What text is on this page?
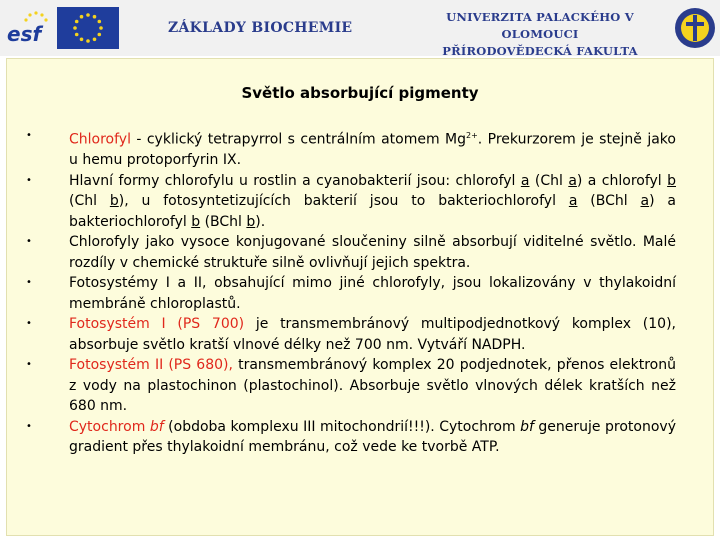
esf	ZÁKLADY BIOCHEMIE
UNIVERZITA PALACKÉHO V OLOMOUCI
PŘÍRODOVĚDECKÁ FAKULTA
Světlo absorbující pigmenty
•	Chlorofyl - cyklický tetrapyrrol s centrálním atomem $Mg^{2+}$. Prekurzorem je stejně jako u hemu protoporfyrin IX.
•	Hlavní formy chlorofylu u rostlin a cyanobakterií jsou: chlorofyl a (Chl a) a chlorofyl b (Chl b), u fotosyntetizujících bakterií jsou to bakteriochlorofyl a (BChl a) a bakteriochlorofyl b (BChl b).
•	Chlorofyly jako vysoce konjugované sloučeniny silně absorbují viditelné světlo. Malé rozdíly v chemické struktuře silně ovlivňují jejich spektra.
•	Fotosystémy I a II, obsahující mimo jiné chlorofyly, jsou lokalizovány v thylakoidní membráně chloroplastů.
•	Fotosystém I (PS 700) je transmembránový multipodjednotkový komplex (10), absorbuje světlo kratší vlnové délky než 700 nm. Vytváří NADPH.
•	Fotosystém II (PS 680), transmembránový komplex 20 podjednotek, přenos elektronů z vody na plastochinon (plastochinol). Absorbuje světlo vlnových délek kratších než 680 nm.
•	Cytochrom bf (obdoba komplexu III mitochondrií!!!). Cytochrom bf generuje protonový gradient přes thylakoidní membránu, což vede ke tvorbě ATP.
